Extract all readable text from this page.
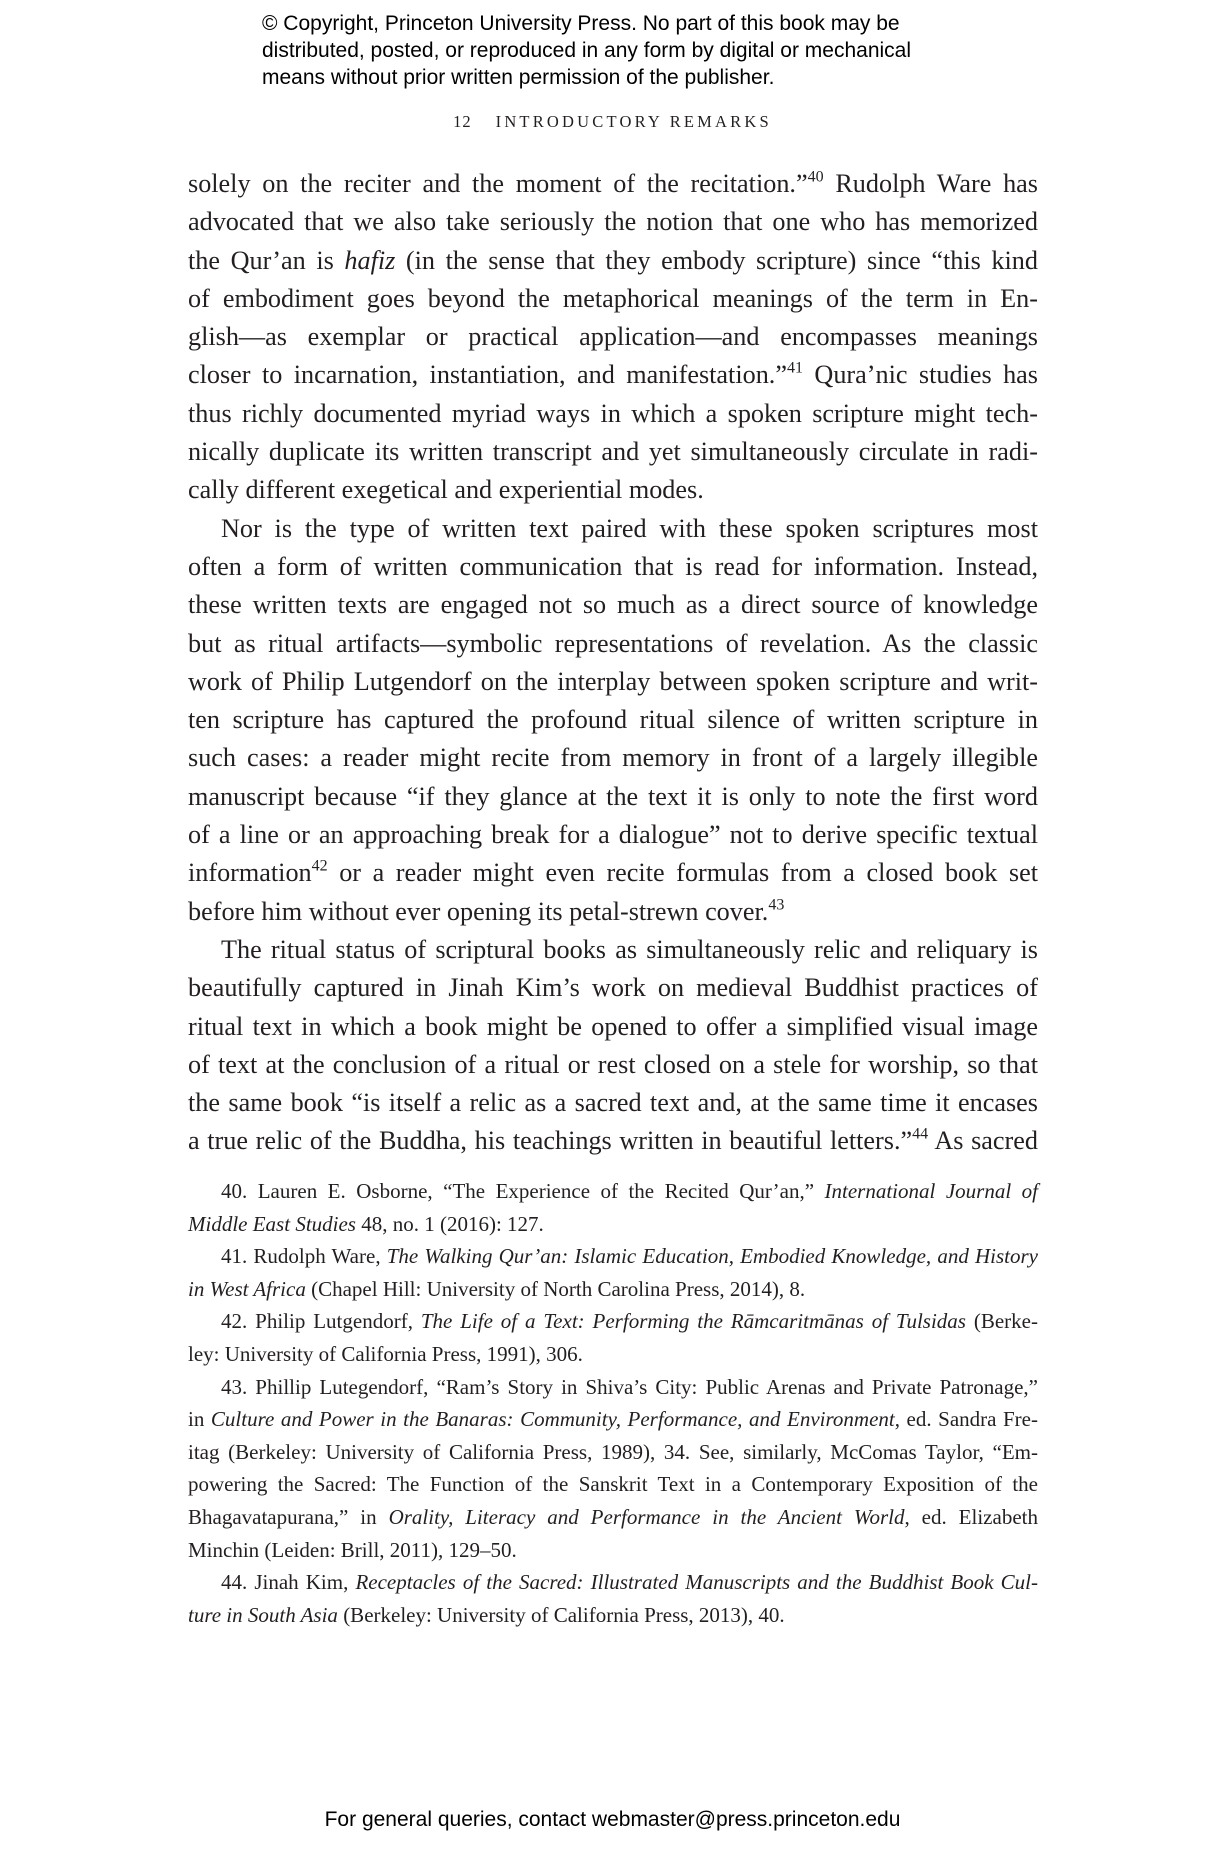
© Copyright, Princeton University Press. No part of this book may be
distributed, posted, or reproduced in any form by digital or mechanical
means without prior written permission of the publisher.
12 INTRODUCTORY REMARKS
solely on the reciter and the moment of the recitation.”$^{40}$ Rudolph Ware has
advocated that we also take seriously the notion that one who has memorized
the Qur’an is hafiz (in the sense that they embody scripture) since “this kind
of embodiment goes beyond the metaphorical meanings of the term in En-
glish—as exemplar or practical application—and encompasses meanings
closer to incarnation, instantiation, and manifestation.”$^{41}$ Qura’nic studies has
thus richly documented myriad ways in which a spoken scripture might tech-
nically duplicate its written transcript and yet simultaneously circulate in radi-
cally different exegetical and experiential modes.
Nor is the type of written text paired with these spoken scriptures most
often a form of written communication that is read for information. Instead,
these written texts are engaged not so much as a direct source of knowledge
but as ritual artifacts—symbolic representations of revelation. As the classic
work of Philip Lutgendorf on the interplay between spoken scripture and writ-
ten scripture has captured the profound ritual silence of written scripture in
such cases: a reader might recite from memory in front of a largely illegible
manuscript because “if they glance at the text it is only to note the first word
of a line or an approaching break for a dialogue” not to derive specific textual
information$^{42}$ or a reader might even recite formulas from a closed book set
before him without ever opening its petal-strewn cover.$^{43}$
The ritual status of scriptural books as simultaneously relic and reliquary is
beautifully captured in Jinah Kim’s work on medieval Buddhist practices of
ritual text in which a book might be opened to offer a simplified visual image
of text at the conclusion of a ritual or rest closed on a stele for worship, so that
the same book “is itself a relic as a sacred text and, at the same time it encases
a true relic of the Buddha, his teachings written in beautiful letters.”$^{44}$ As sacred
40. Lauren E. Osborne, “The Experience of the Recited Qur’an,” International Journal of
Middle East Studies 48, no. 1 (2016): 127.
41. Rudolph Ware, The Walking Qur’an: Islamic Education, Embodied Knowledge, and History
in West Africa (Chapel Hill: University of North Carolina Press, 2014), 8.
42. Philip Lutgendorf, The Life of a Text: Performing the Rāmcaritmānas of Tulsidas (Berke-
ley: University of California Press, 1991), 306.
43. Phillip Lutegendorf, “Ram’s Story in Shiva’s City: Public Arenas and Private Patronage,”
in Culture and Power in the Banaras: Community, Performance, and Environment, ed. Sandra Fre-
itag (Berkeley: University of California Press, 1989), 34. See, similarly, McComas Taylor, “Em-
powering the Sacred: The Function of the Sanskrit Text in a Contemporary Exposition of the
Bhagavatapurana,” in Orality, Literacy and Performance in the Ancient World, ed. Elizabeth
Minchin (Leiden: Brill, 2011), 129–50.
44. Jinah Kim, Receptacles of the Sacred: Illustrated Manuscripts and the Buddhist Book Cul-
ture in South Asia (Berkeley: University of California Press, 2013), 40.
For general queries, contact webmaster@press.princeton.edu
